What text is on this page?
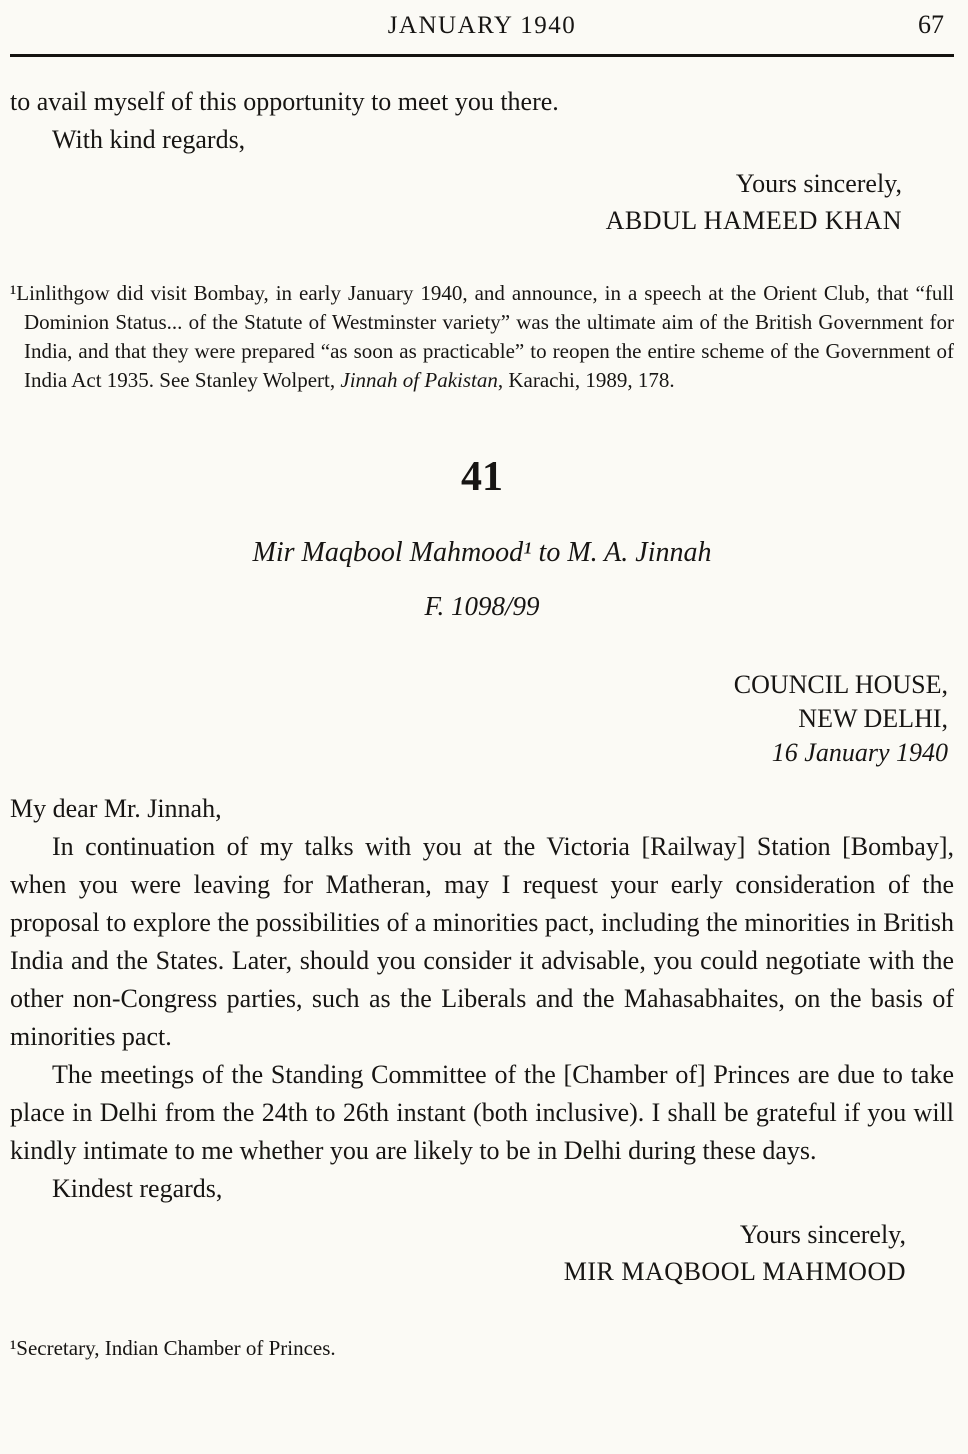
JANUARY 1940	67
to avail myself of this opportunity to meet you there.
With kind regards,
Yours sincerely,
ABDUL HAMEED KHAN
¹Linlithgow did visit Bombay, in early January 1940, and announce, in a speech at the Orient Club, that “full Dominion Status... of the Statute of Westminster variety” was the ultimate aim of the British Government for India, and that they were prepared “as soon as practicable” to reopen the entire scheme of the Government of India Act 1935. See Stanley Wolpert, Jinnah of Pakistan, Karachi, 1989, 178.
41
Mir Maqbool Mahmood¹ to M. A. Jinnah
F. 1098/99
COUNCIL HOUSE,
NEW DELHI,
16 January 1940
My dear Mr. Jinnah,
In continuation of my talks with you at the Victoria [Railway] Station [Bombay], when you were leaving for Matheran, may I request your early consideration of the proposal to explore the possibilities of a minorities pact, including the minorities in British India and the States. Later, should you consider it advisable, you could negotiate with the other non-Congress parties, such as the Liberals and the Mahasabhaites, on the basis of minorities pact.
The meetings of the Standing Committee of the [Chamber of] Princes are due to take place in Delhi from the 24th to 26th instant (both inclusive). I shall be grateful if you will kindly intimate to me whether you are likely to be in Delhi during these days.
Kindest regards,
Yours sincerely,
MIR MAQBOOL MAHMOOD
¹Secretary, Indian Chamber of Princes.
